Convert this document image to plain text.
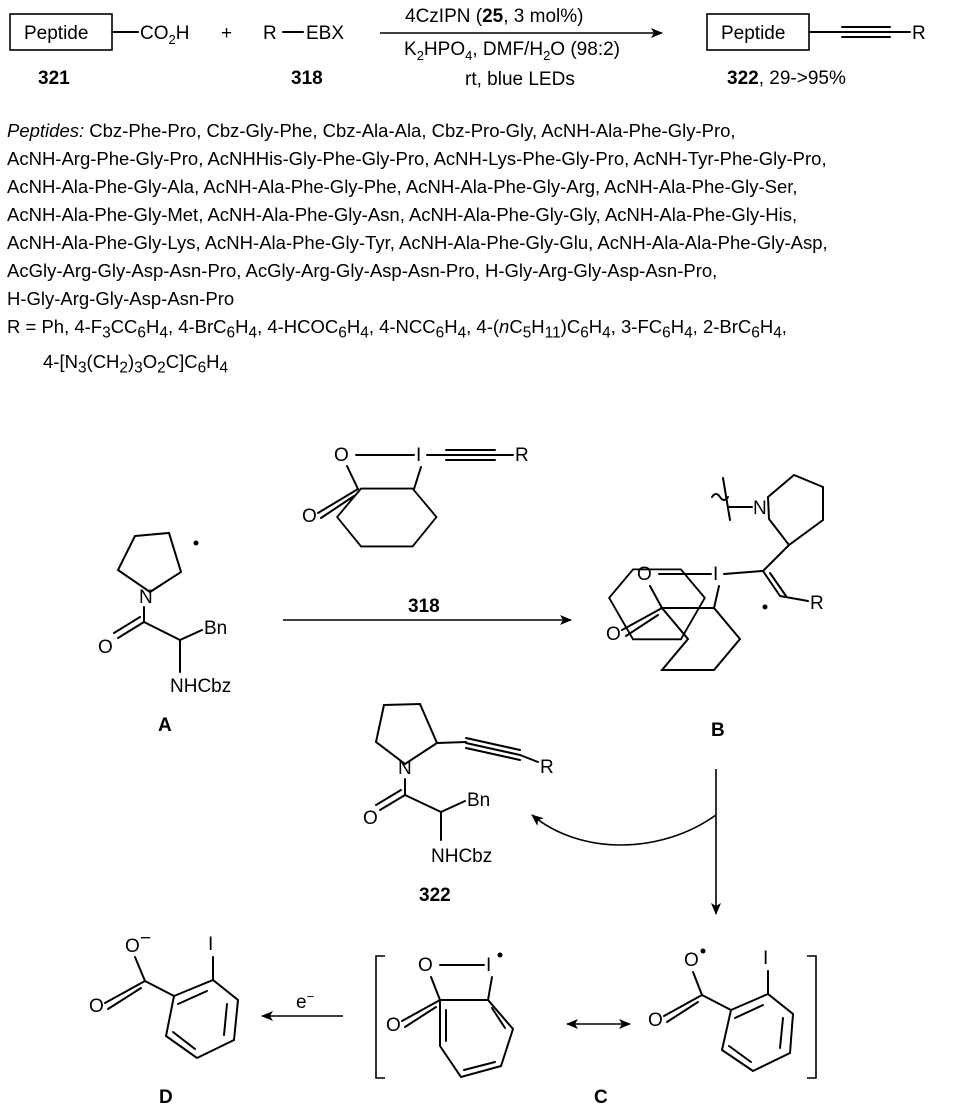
Peptide	$CO_2H + R$ EBX
321	318
4CzIPN (25, 3 mol%)
$K_2HPO_4$, DMF/$H_2O$ (98:2)
rt, blue LEDs
Peptide	R
322, 29->95%
O	I	R
O
N
O
Bn
NHCbz
A
318
N
R
O	I
O
B
R
N
O
Bn
NHCbz
322
O −	I
O
D
e−
O	I
O
O	I
O
C

Peptides: Cbz-Phe-Pro, Cbz-Gly-Phe, Cbz-Ala-Ala, Cbz-Pro-Gly, AcNH-Ala-Phe-Gly-Pro,

AcNH-Arg-Phe-Gly-Pro, AcNHHis-Gly-Phe-Gly-Pro, AcNH-Lys-Phe-Gly-Pro, AcNH-Tyr-Phe-Gly-Pro,

AcNH-Ala-Phe-Gly-Ala, AcNH-Ala-Phe-Gly-Phe, AcNH-Ala-Phe-Gly-Arg, AcNH-Ala-Phe-Gly-Ser,

AcNH-Ala-Phe-Gly-Met, AcNH-Ala-Phe-Gly-Asn, AcNH-Ala-Phe-Gly-Gly, AcNH-Ala-Phe-Gly-His,

AcNH-Ala-Phe-Gly-Lys, AcNH-Ala-Phe-Gly-Tyr, AcNH-Ala-Phe-Gly-Glu, AcNH-Ala-Ala-Phe-Gly-Asp,

AcGly-Arg-Gly-Asp-Asn-Pro, AcGly-Arg-Gly-Asp-Asn-Pro, H-Gly-Arg-Gly-Asp-Asn-Pro,

H-Gly-Arg-Gly-Asp-Asn-Pro

R = Ph, $4-F_3CC_6H_4$, $4-BrC_6H_4$, $4-HCOC_6H_4$, $4-NCC_6H_4$, $4-(nC_5H_{11})C_6H_4$, $3-FC_6H_4$, $2-BrC_6H_4$,

$4-[N_3(CH_2)_3O_2C]C_6H_4$
